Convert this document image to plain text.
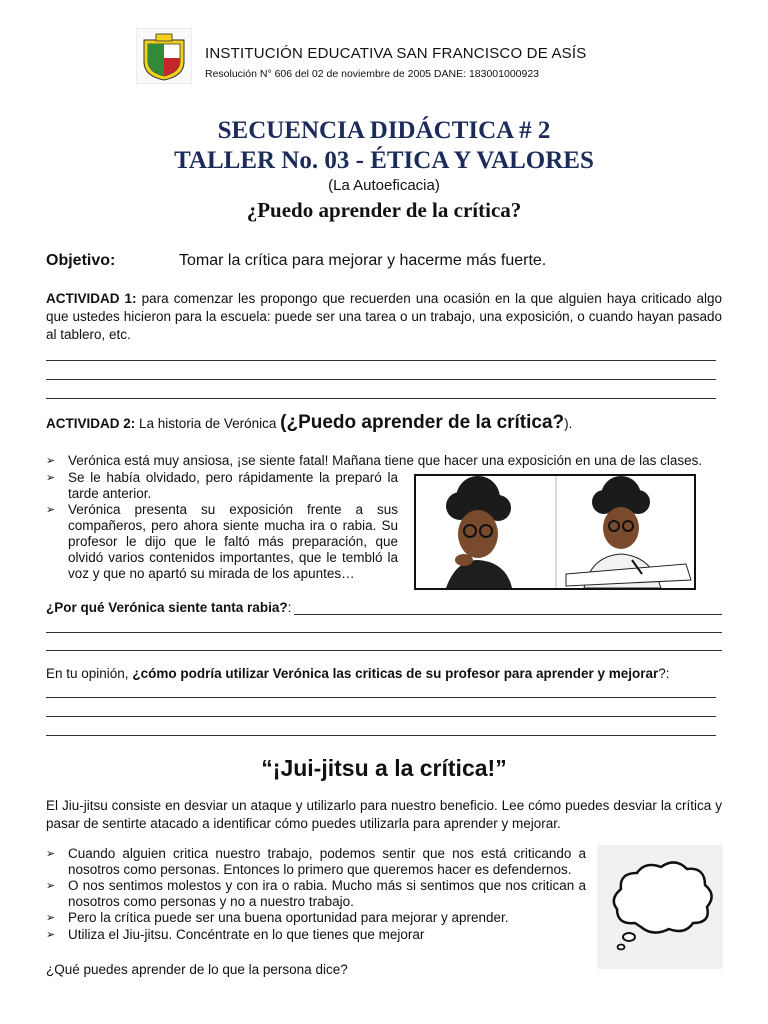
INSTITUCIÓN EDUCATIVA SAN FRANCISCO DE ASÍS
Resolución N° 606 del 02 de noviembre de 2005 DANE: 183001000923
SECUENCIA DIDÁCTICA # 2
TALLER No. 03 - ÉTICA Y VALORES
(La Autoeficacia)
¿Puedo aprender de la crítica?
Objetivo:	Tomar la crítica para mejorar y hacerme más fuerte.
ACTIVIDAD 1: para comenzar les propongo que recuerden una ocasión en la que alguien haya criticado algo que ustedes hicieron para la escuela: puede ser una tarea o un trabajo, una exposición, o cuando hayan pasado al tablero, etc.
ACTIVIDAD 2: La historia de Verónica (¿Puedo aprender de la crítica?).
➢ Verónica está muy ansiosa, ¡se siente fatal! Mañana tiene que hacer una exposición en una de las clases.
➢ Se le había olvidado, pero rápidamente la preparó la tarde anterior.
➢ Verónica presenta su exposición frente a sus compañeros, pero ahora siente mucha ira o rabia. Su profesor le dijo que le faltó más preparación, que olvidó varios contenidos importantes, que le tembló la voz y que no apartó su mirada de los apuntes…
¿Por qué Verónica siente tanta rabia?:
En tu opinión, ¿cómo podría utilizar Verónica las criticas de su profesor para aprender y mejorar?:
“¡Jui-jitsu a la crítica!”
El Jiu-jitsu consiste en desviar un ataque y utilizarlo para nuestro beneficio. Lee cómo puedes desviar la crítica y pasar de sentirte atacado a identificar cómo puedes utilizarla para aprender y mejorar.
➢ Cuando alguien critica nuestro trabajo, podemos sentir que nos está criticando a nosotros como personas. Entonces lo primero que queremos hacer es defendernos.
➢ O nos sentimos molestos y con ira o rabia. Mucho más si sentimos que nos critican a nosotros como personas y no a nuestro trabajo.
➢ Pero la crítica puede ser una buena oportunidad para mejorar y aprender.
➢ Utiliza el Jiu-jitsu. Concéntrate en lo que tienes que mejorar
¿Qué puedes aprender de lo que la persona dice?
